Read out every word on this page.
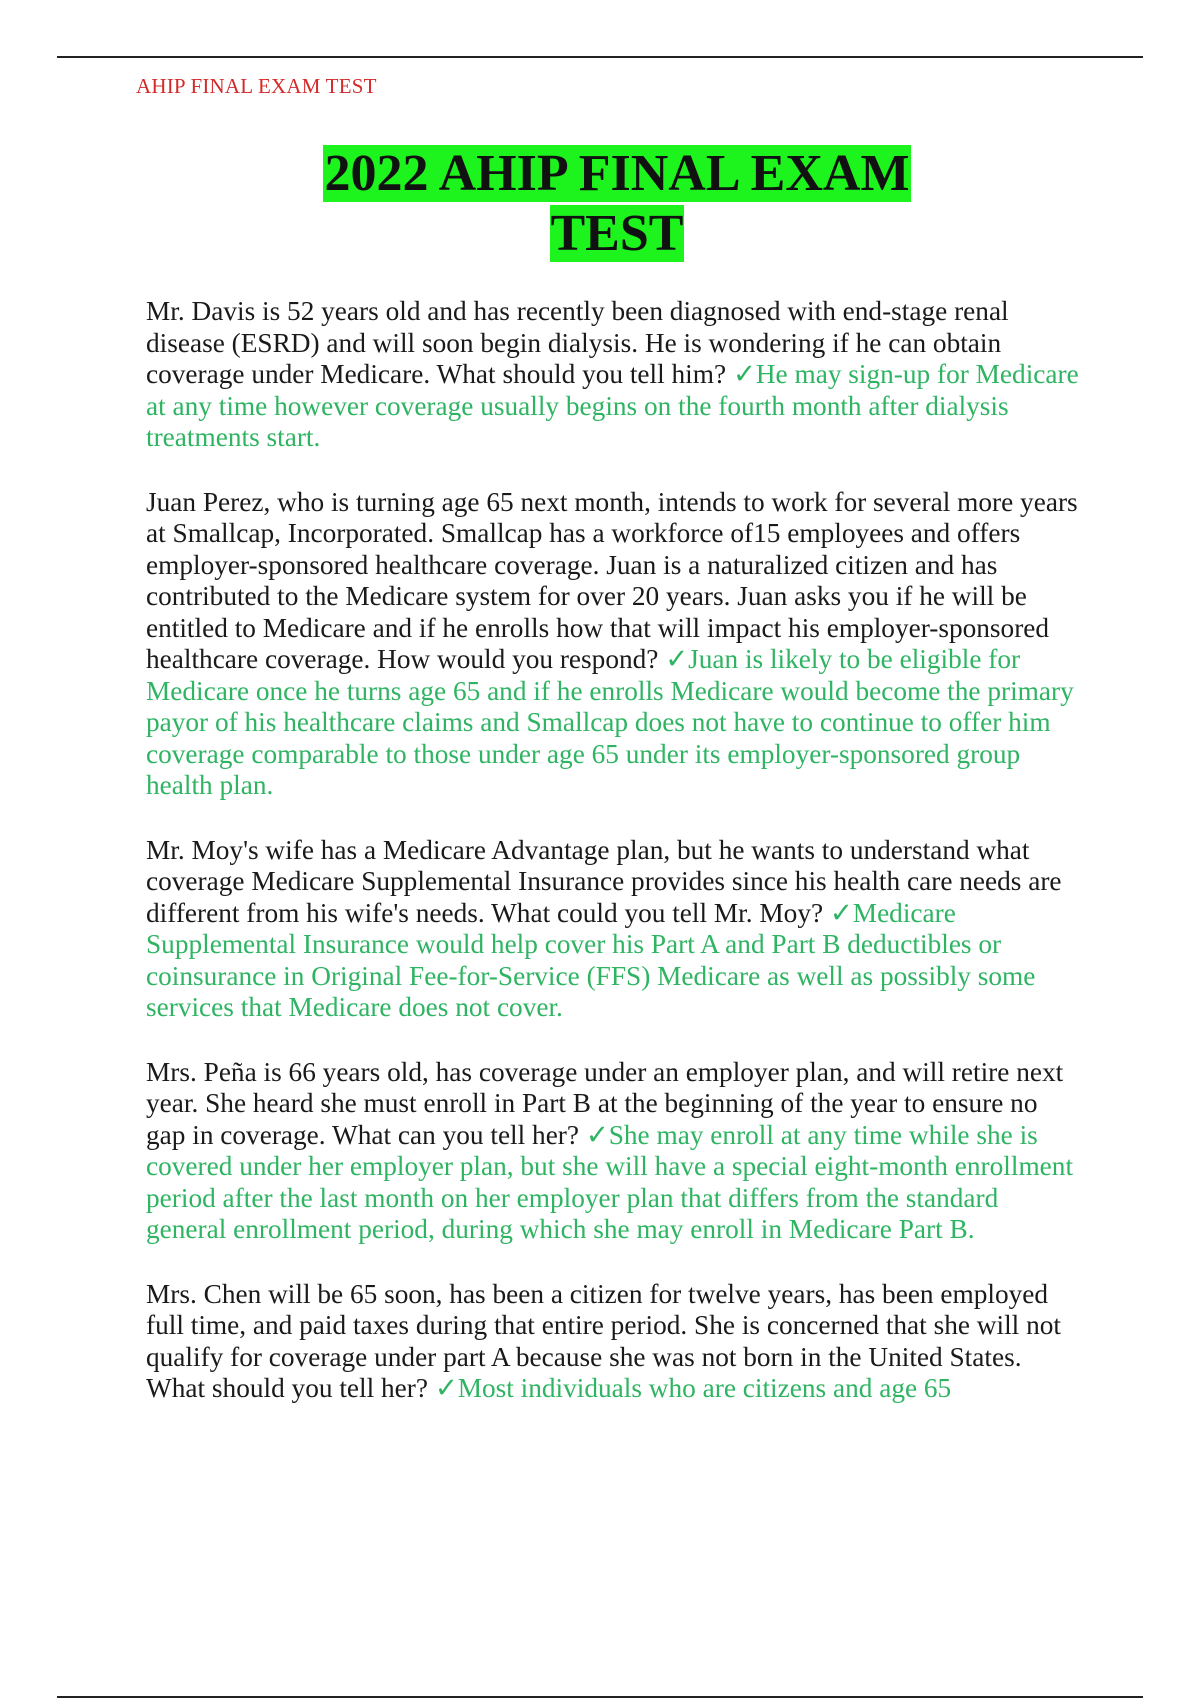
AHIP FINAL EXAM TEST
2022 AHIP FINAL EXAM
TEST

Mr. Davis is 52 years old and has recently been diagnosed with end-stage renal disease (ESRD) and will soon begin dialysis. He is wondering if he can obtain coverage under Medicare. What should you tell him? ✓He may sign-up for Medicare at any time however coverage usually begins on the fourth month after dialysis treatments start.

Juan Perez, who is turning age 65 next month, intends to work for several more years at Smallcap, Incorporated. Smallcap has a workforce of15 employees and offers employer-sponsored healthcare coverage. Juan is a naturalized citizen and has contributed to the Medicare system for over 20 years. Juan asks you if he will be entitled to Medicare and if he enrolls how that will impact his employer-sponsored healthcare coverage. How would you respond? ✓Juan is likely to be eligible for Medicare once he turns age 65 and if he enrolls Medicare would become the primary payor of his healthcare claims and Smallcap does not have to continue to offer him coverage comparable to those under age 65 under its employer-sponsored group health plan.

Mr. Moy's wife has a Medicare Advantage plan, but he wants to understand what coverage Medicare Supplemental Insurance provides since his health care needs are different from his wife's needs. What could you tell Mr. Moy? ✓Medicare Supplemental Insurance would help cover his Part A and Part B deductibles or coinsurance in Original Fee-for-Service (FFS) Medicare as well as possibly some services that Medicare does not cover.

Mrs. Peña is 66 years old, has coverage under an employer plan, and will retire next year. She heard she must enroll in Part B at the beginning of the year to ensure no gap in coverage. What can you tell her? ✓She may enroll at any time while she is covered under her employer plan, but she will have a special eight-month enrollment period after the last month on her employer plan that differs from the standard general enrollment period, during which she may enroll in Medicare Part B.

Mrs. Chen will be 65 soon, has been a citizen for twelve years, has been employed full time, and paid taxes during that entire period. She is concerned that she will not qualify for coverage under part A because she was not born in the United States. What should you tell her? ✓Most individuals who are citizens and age 65
